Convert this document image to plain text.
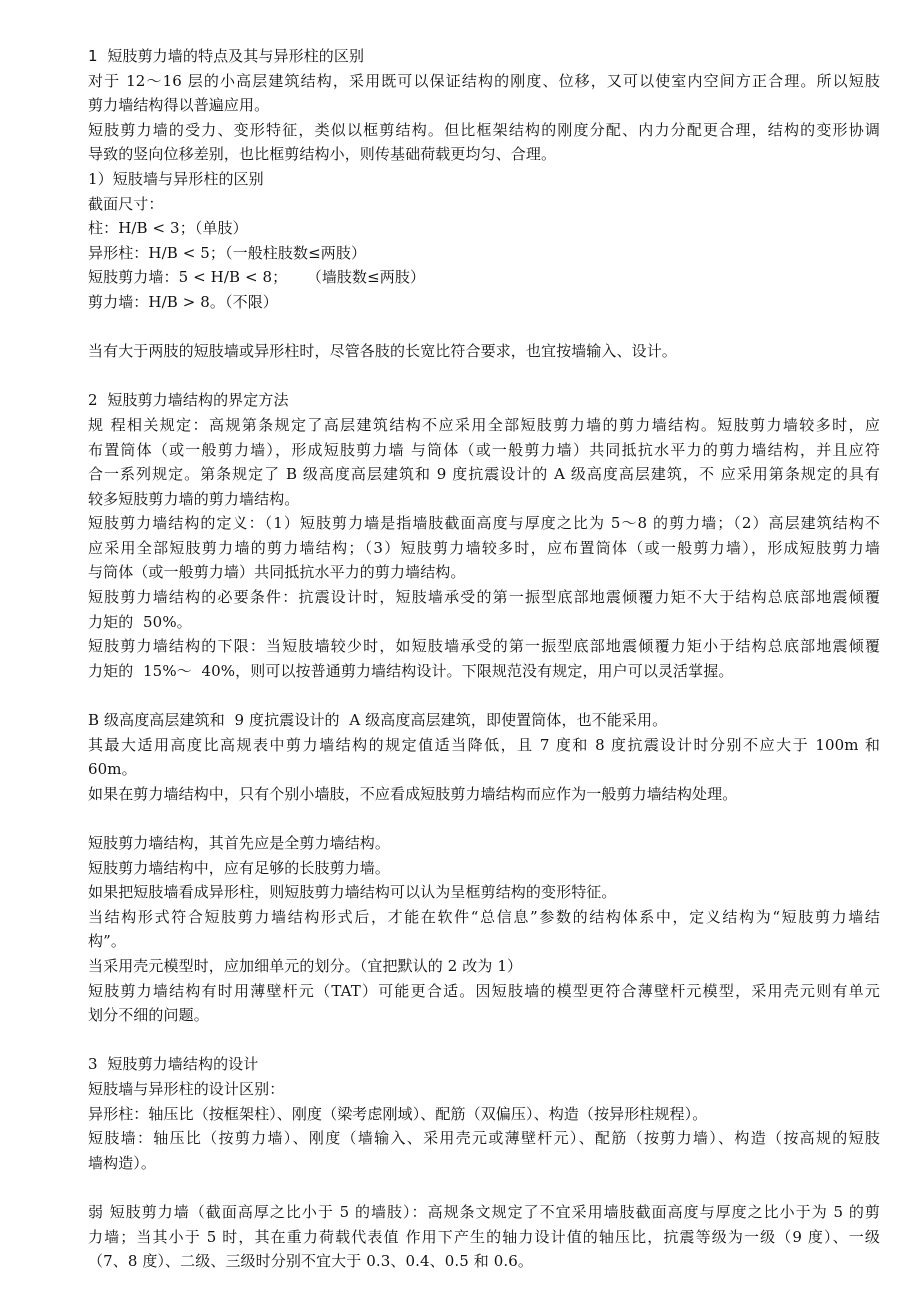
1  短肢剪力墙的特点及其与异形柱的区别
对于 12～16 层的小高层建筑结构，采用既可以保证结构的刚度、位移，又可以使室内空间方正合理。所以短肢
剪力墙结构得以普遍应用。
短肢剪力墙的受力、变形特征，类似以框剪结构。但比框架结构的刚度分配、内力分配更合理，结构的变形协调
导致的竖向位移差别，也比框剪结构小，则传基础荷载更均匀、合理。
1）短肢墙与异形柱的区别
截面尺寸：
柱：H/B < 3；（单肢）
异形柱：H/B < 5；（一般柱肢数≤两肢）
短肢剪力墙：5 < H/B < 8；    （墙肢数≤两肢）
剪力墙：H/B > 8。（不限）
当有大于两肢的短肢墙或异形柱时，尽管各肢的长宽比符合要求，也宜按墙输入、设计。
2  短肢剪力墙结构的界定方法
规 程相关规定：高规第条规定了高层建筑结构不应采用全部短肢剪力墙的剪力墙结构。短肢剪力墙较多时，应
布置筒体（或一般剪力墙），形成短肢剪力墙 与筒体（或一般剪力墙）共同抵抗水平力的剪力墙结构，并且应符
合一系列规定。第条规定了 B 级高度高层建筑和 9 度抗震设计的 A 级高度高层建筑，不 应采用第条规定的具有
较多短肢剪力墙的剪力墙结构。
短肢剪力墙结构的定义：（1）短肢剪力墙是指墙肢截面高度与厚度之比为 5～8 的剪力墙；（2）高层建筑结构不
应采用全部短肢剪力墙的剪力墙结构；（3）短肢剪力墙较多时，应布置筒体（或一般剪力墙），形成短肢剪力墙
与筒体（或一般剪力墙）共同抵抗水平力的剪力墙结构。
短肢剪力墙结构的必要条件：抗震设计时，短肢墙承受的第一振型底部地震倾覆力矩不大于结构总底部地震倾覆
力矩的  50%。
短肢剪力墙结构的下限：当短肢墙较少时，如短肢墙承受的第一振型底部地震倾覆力矩小于结构总底部地震倾覆
力矩的  15%～  40%，则可以按普通剪力墙结构设计。下限规范没有规定，用户可以灵活掌握。
B 级高度高层建筑和  9 度抗震设计的  A 级高度高层建筑，即使置筒体，也不能采用。
其最大适用高度比高规表中剪力墙结构的规定值适当降低，且 7 度和 8 度抗震设计时分别不应大于 100m 和
60m。
如果在剪力墙结构中，只有个别小墙肢，不应看成短肢剪力墙结构而应作为一般剪力墙结构处理。
短肢剪力墙结构，其首先应是全剪力墙结构。
短肢剪力墙结构中，应有足够的长肢剪力墙。
如果把短肢墙看成异形柱，则短肢剪力墙结构可以认为呈框剪结构的变形特征。
当结构形式符合短肢剪力墙结构形式后，才能在软件“总信息”参数的结构体系中，定义结构为“短肢剪力墙结
构”。
当采用壳元模型时，应加细单元的划分。（宜把默认的 2 改为 1）
短肢剪力墙结构有时用薄壁杆元（TAT）可能更合适。因短肢墙的模型更符合薄壁杆元模型，采用壳元则有单元
划分不细的问题。
3  短肢剪力墙结构的设计
短肢墙与异形柱的设计区别：
异形柱：轴压比（按框架柱）、刚度（梁考虑刚域）、配筋（双偏压）、构造（按异形柱规程）。
短肢墙：轴压比（按剪力墙）、刚度（墙输入、采用壳元或薄壁杆元）、配筋（按剪力墙）、构造（按高规的短肢
墙构造）。
弱 短肢剪力墙（截面高厚之比小于 5 的墙肢）：高规条文规定了不宜采用墙肢截面高度与厚度之比小于为 5 的剪
力墙；当其小于 5 时，其在重力荷载代表值 作用下产生的轴力设计值的轴压比，抗震等级为一级（9 度）、一级
（7、8 度）、二级、三级时分别不宜大于 0.3、0.4、0.5 和 0.6。
